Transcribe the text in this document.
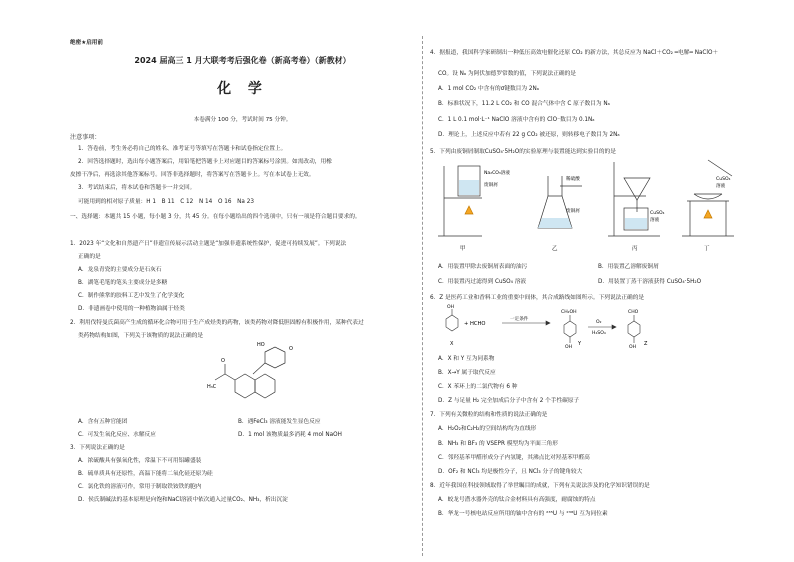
绝密★启用前
2024 届高三 1 月大联考考后强化卷（新高考卷）（新教材）
化 学
本卷满分 100 分，考试时间 75 分钟。
注意事项：
1．答卷前，考生务必将自己的姓名、准考证号等填写在答题卡和试卷指定位置上。
2．回答选择题时，选出每小题答案后，用铅笔把答题卡上对应题目的答案标号涂黑。如需改动，用橡
皮擦干净后，再选涂其他答案标号。回答非选择题时，将答案写在答题卡上。写在本试卷上无效。
3．考试结束后，将本试卷和答题卡一并交回。
可能用到的相对原子质量：H 1　B 11　C 12　N 14　O 16　Na 23
一、选择题：本题共 15 小题，每小题 3 分，共 45 分。在每小题给出的四个选项中，只有一项是符合题目要求的。
1．2023 年“文化和自然遗产日”非遗宣传展示活动主题是“加强非遗系统性保护，促进可持续发展”。下列说法
正确的是
A．龙泉青瓷的主要成分是石灰石
B．湖笔毛笔的笔头主要成分是多糖
C．制作熊掌的胶料工艺中发生了化学变化
D．非遗画卷中使用的一种植物油属于烃类
2．利用伐特曼氏菌高产生成的循环化合物可用于生产成烃类的药物，该类药物对降低胆固醇有积极作用，某种代表过
类药物结构如图，下列关于该物质的说法正确的是
HO
O
O
H₃C
A．含有五种官能团	B．遇FeCl₃ 溶液能发生显色反应
C．可发生氧化反应、水解反应	D．1 mol 该物质最多消耗 4 mol NaOH
3．下列说法正确的是
A．浓硫酸具有强氧化性，常温下不可用铝罐盛装
B．硫单质具有还原性，高温下能将二氧化硅还原为硅
C．氯化铁的溶液可作，常用于制取铁铵铁的胞内
D．侯氏制碱法的基本原理是向饱和NaCl溶液中依次通入过量CO₂、NH₃，析出沉淀
4．据报道，我国科学家研制出一种低压高效电催化还原 CO₂ 的新方法，其总反应为 NaCl＋CO₂ ═电解═ NaClO＋
CO。设 Nₐ 为阿伏加德罗常数的值，下列说法正确的是
A．1 mol CO₂ 中含有的σ键数目为 2Nₐ
B．标准状况下，11.2 L CO₂ 和 CO 混合气体中含 C 原子数目为 Nₐ
C．1 L 0.1 mol·L⁻¹ NaClO 溶液中含有的 ClO⁻数目为 0.1Nₐ
D．理论上，上述反应中若有 22 g CO₂ 被还原，则转移电子数目为 2Nₐ
5．下列由废铜屑制取CuSO₄·5H₂O的实验原理与装置能达到实验目的的是
Na₂CO₃溶液
废铜屑
稀硫酸
废铜屑	CuSO₄
溶液
CuSO₄
溶液
甲	乙	丙	丁
A．用装置甲除去废铜屑表面的油污	B．用装置乙溶解废铜屑
C．用装置丙过滤得到 CuSO₄ 溶液	D．用装置丁蒸干溶液获得 CuSO₄·5H₂O
6．Z 是医药工业和香料工业的重要中间体，其合成路线如图所示。下列说法正确的是
OH
+ HCHO
一定条件
CH₂OH
OH
O₂
H₂SO₄
CHO
OH
X	Y	Z
A．X 和 Y 互为同系物
B．X→Y 属于取代反应
C．X 苯环上的二氯代物有 6 种
D．Z 与足量 H₂ 完全加成后分子中含有 2 个手性碳原子
7．下列有关微粒的结构和性质的说法正确的是
A．H₂O₂和C₂H₂的空间结构均为直线形
B．NH₃ 和 BF₃ 的 VSEPR 模型均为平面三角形
C．邻羟基苯甲醛形成分子内氢键，其沸点比对羟基苯甲醛高
D．OF₂ 和 NCl₃ 均是极性分子，且 NCl₃ 分子的键角较大
8．近年我国在科技领域取得了举世瞩目的成就，下列有关说法涉及的化学知识错误的是
A．蛟龙号潜水器外壳的钛合金材料具有高强度，耐腐蚀的特点
B．华龙一号核电站反应所用的铀中含有的 ²³⁵U 与 ²³⁸U 互为同位素
